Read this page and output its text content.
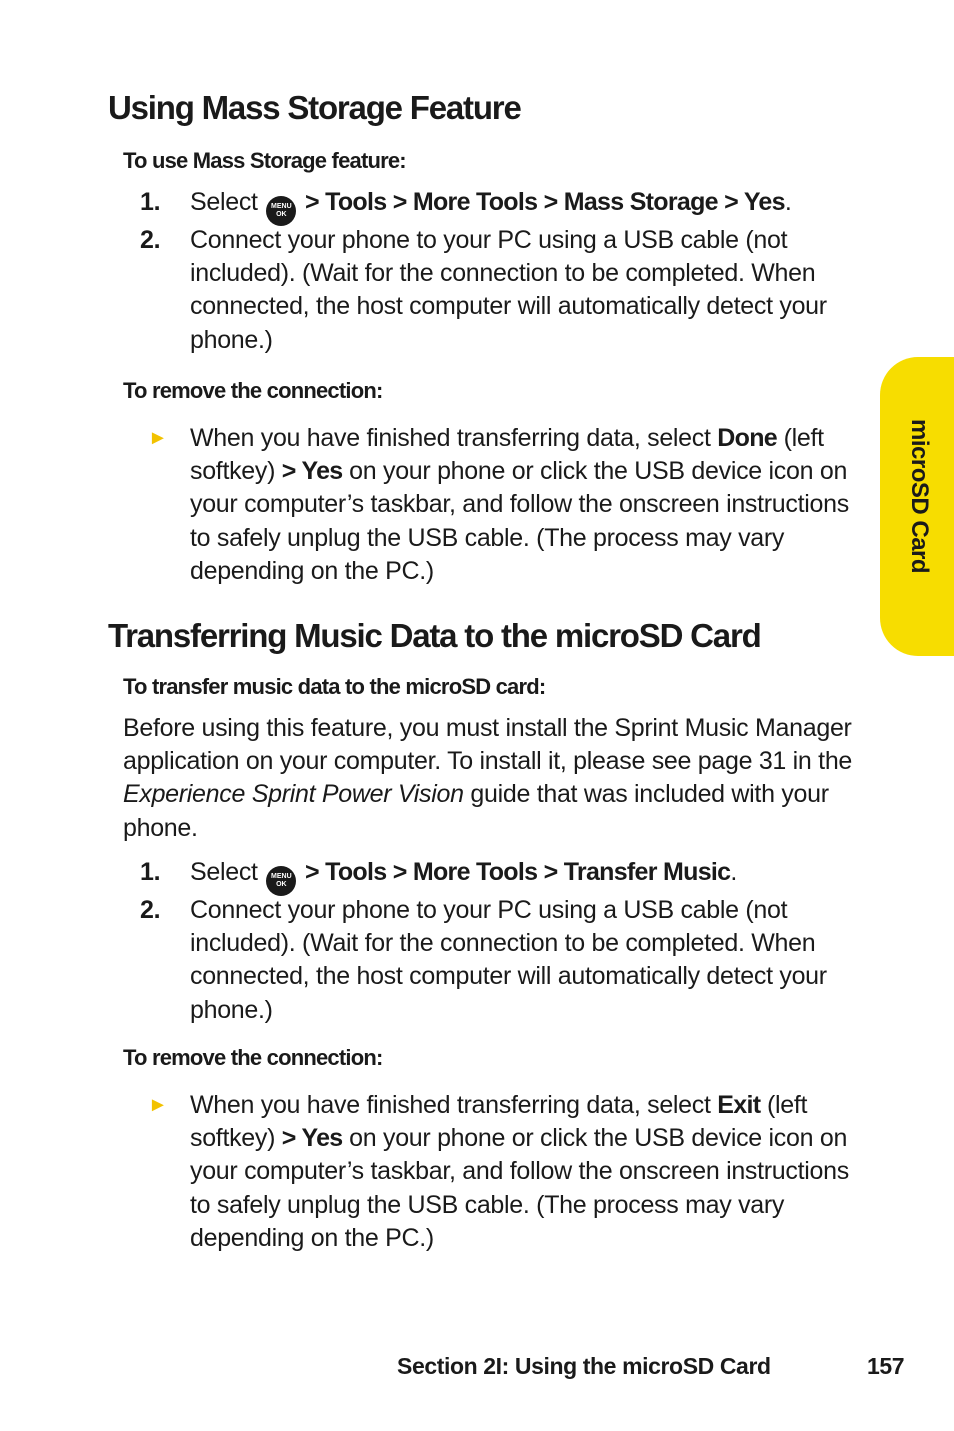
Using Mass Storage Feature
To use Mass Storage feature:
1.	Select MENU
OK > Tools > More Tools > Mass Storage > Yes.
2.	Connect your phone to your PC using a USB cable (not included). (Wait for the connection to be completed. When connected, the host computer will automatically detect your phone.)
To remove the connection:
► When you have finished transferring data, select Done (left softkey) > Yes on your phone or click the USB device icon on your computer’s taskbar, and follow the onscreen instructions to safely unplug the USB cable. (The process may vary depending on the PC.)
Transferring Music Data to the microSD Card
To transfer music data to the microSD card:

Before using this feature, you must install the Sprint Music Manager application on your computer. To install it, please see page 31 in the Experience Sprint Power Vision guide that was included with your phone.

1.	Select MENU
OK > Tools > More Tools > Transfer Music.
2.	Connect your phone to your PC using a USB cable (not included). (Wait for the connection to be completed. When connected, the host computer will automatically detect your phone.)
To remove the connection:
► When you have finished transferring data, select Exit (left softkey) > Yes on your phone or click the USB device icon on your computer’s taskbar, and follow the onscreen instructions to safely unplug the USB cable. (The process may vary depending on the PC.)
microSD Card
Section 2I: Using the microSD Card	157
